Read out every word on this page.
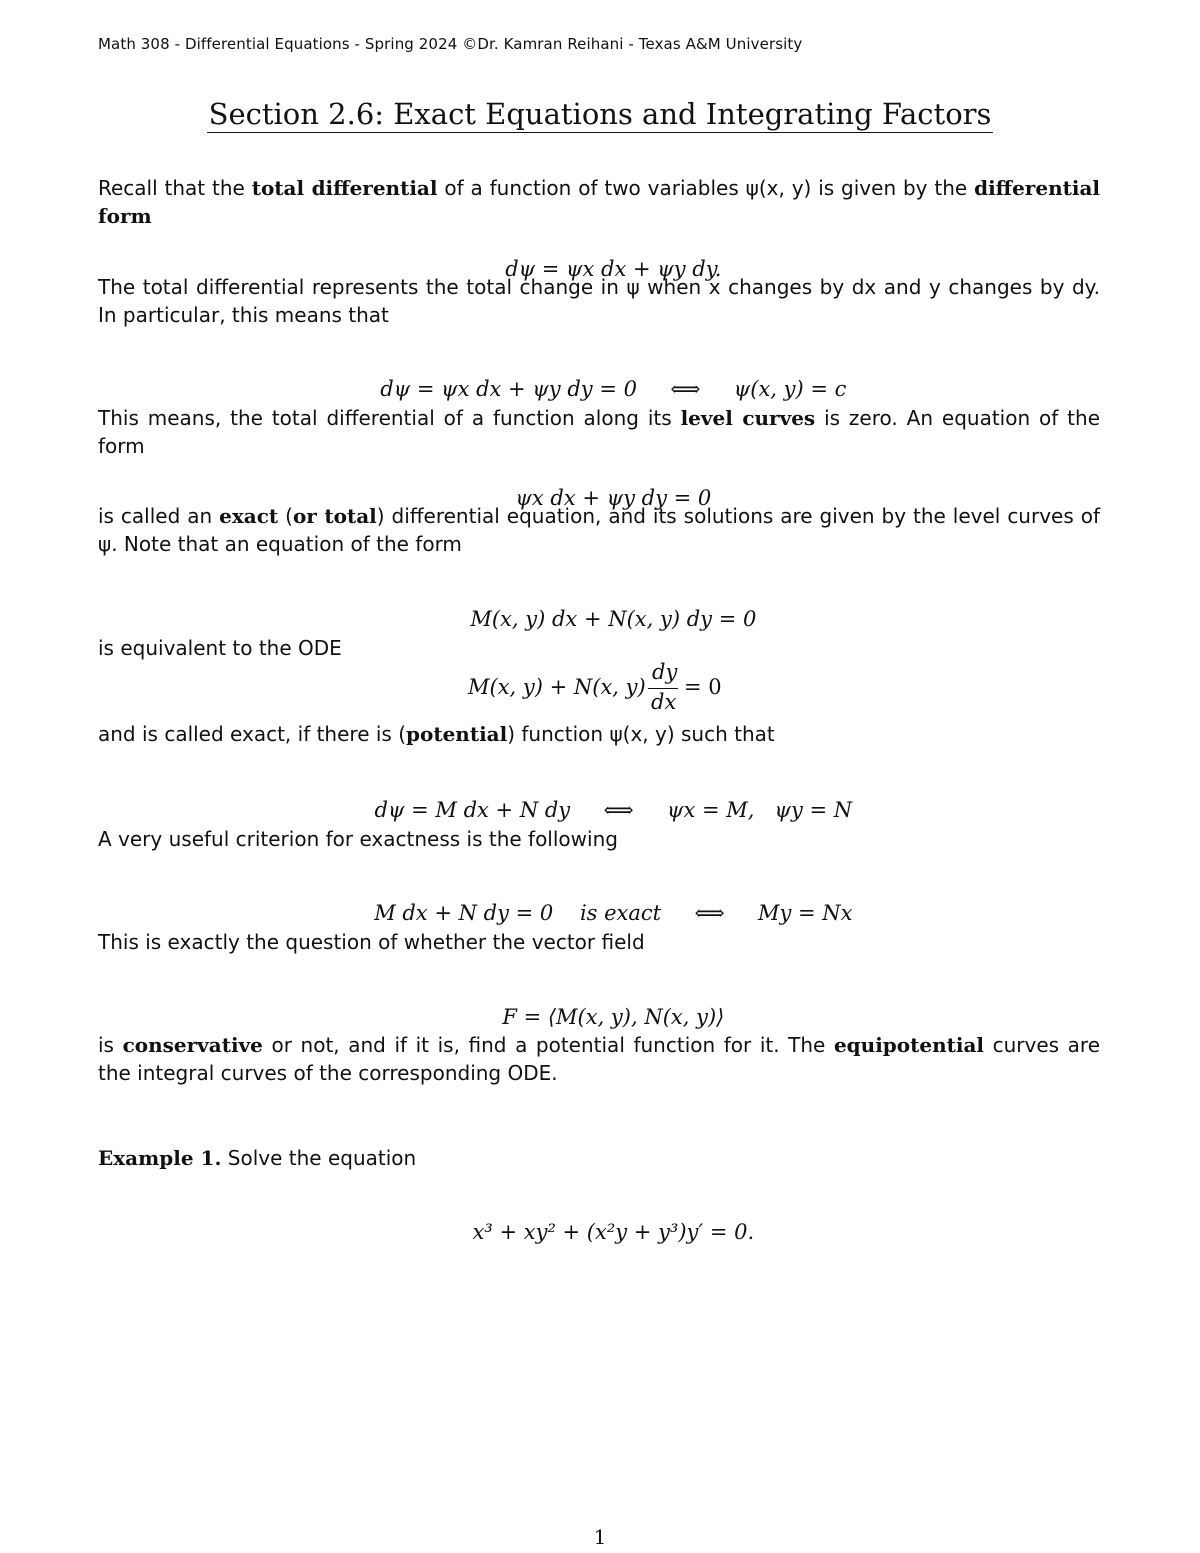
Math 308 - Differential Equations - Spring 2024 ©Dr. Kamran Reihani - Texas A&M University
Section 2.6: Exact Equations and Integrating Factors
Recall that the total differential of a function of two variables ψ(x, y) is given by the differential form

dψ = ψx dx + ψy dy.

The total differential represents the total change in ψ when x changes by dx and y changes by dy. In particular, this means that

dψ = ψx dx + ψy dy = 0     ⟺     ψ(x, y) = c

This means, the total differential of a function along its level curves is zero. An equation of the form

ψx dx + ψy dy = 0

is called an exact (or total) differential equation, and its solutions are given by the level curves of ψ. Note that an equation of the form

M(x, y) dx + N(x, y) dy = 0

is equivalent to the ODE
M(x, y) + N(x, y)
dy
dx
= 0
and is called exact, if there is (potential) function ψ(x, y) such that

dψ = M dx + N dy     ⟺     ψx = M,   ψy = N

A very useful criterion for exactness is the following

M dx + N dy = 0    is exact     ⟺     My = Nx

This is exactly the question of whether the vector field

F = ⟨M(x, y), N(x, y)⟩

is conservative or not, and if it is, find a potential function for it. The equipotential curves are the integral curves of the corresponding ODE.
Example 1. Solve the equation

x³ + xy² + (x²y + y³)y′ = 0.

1
